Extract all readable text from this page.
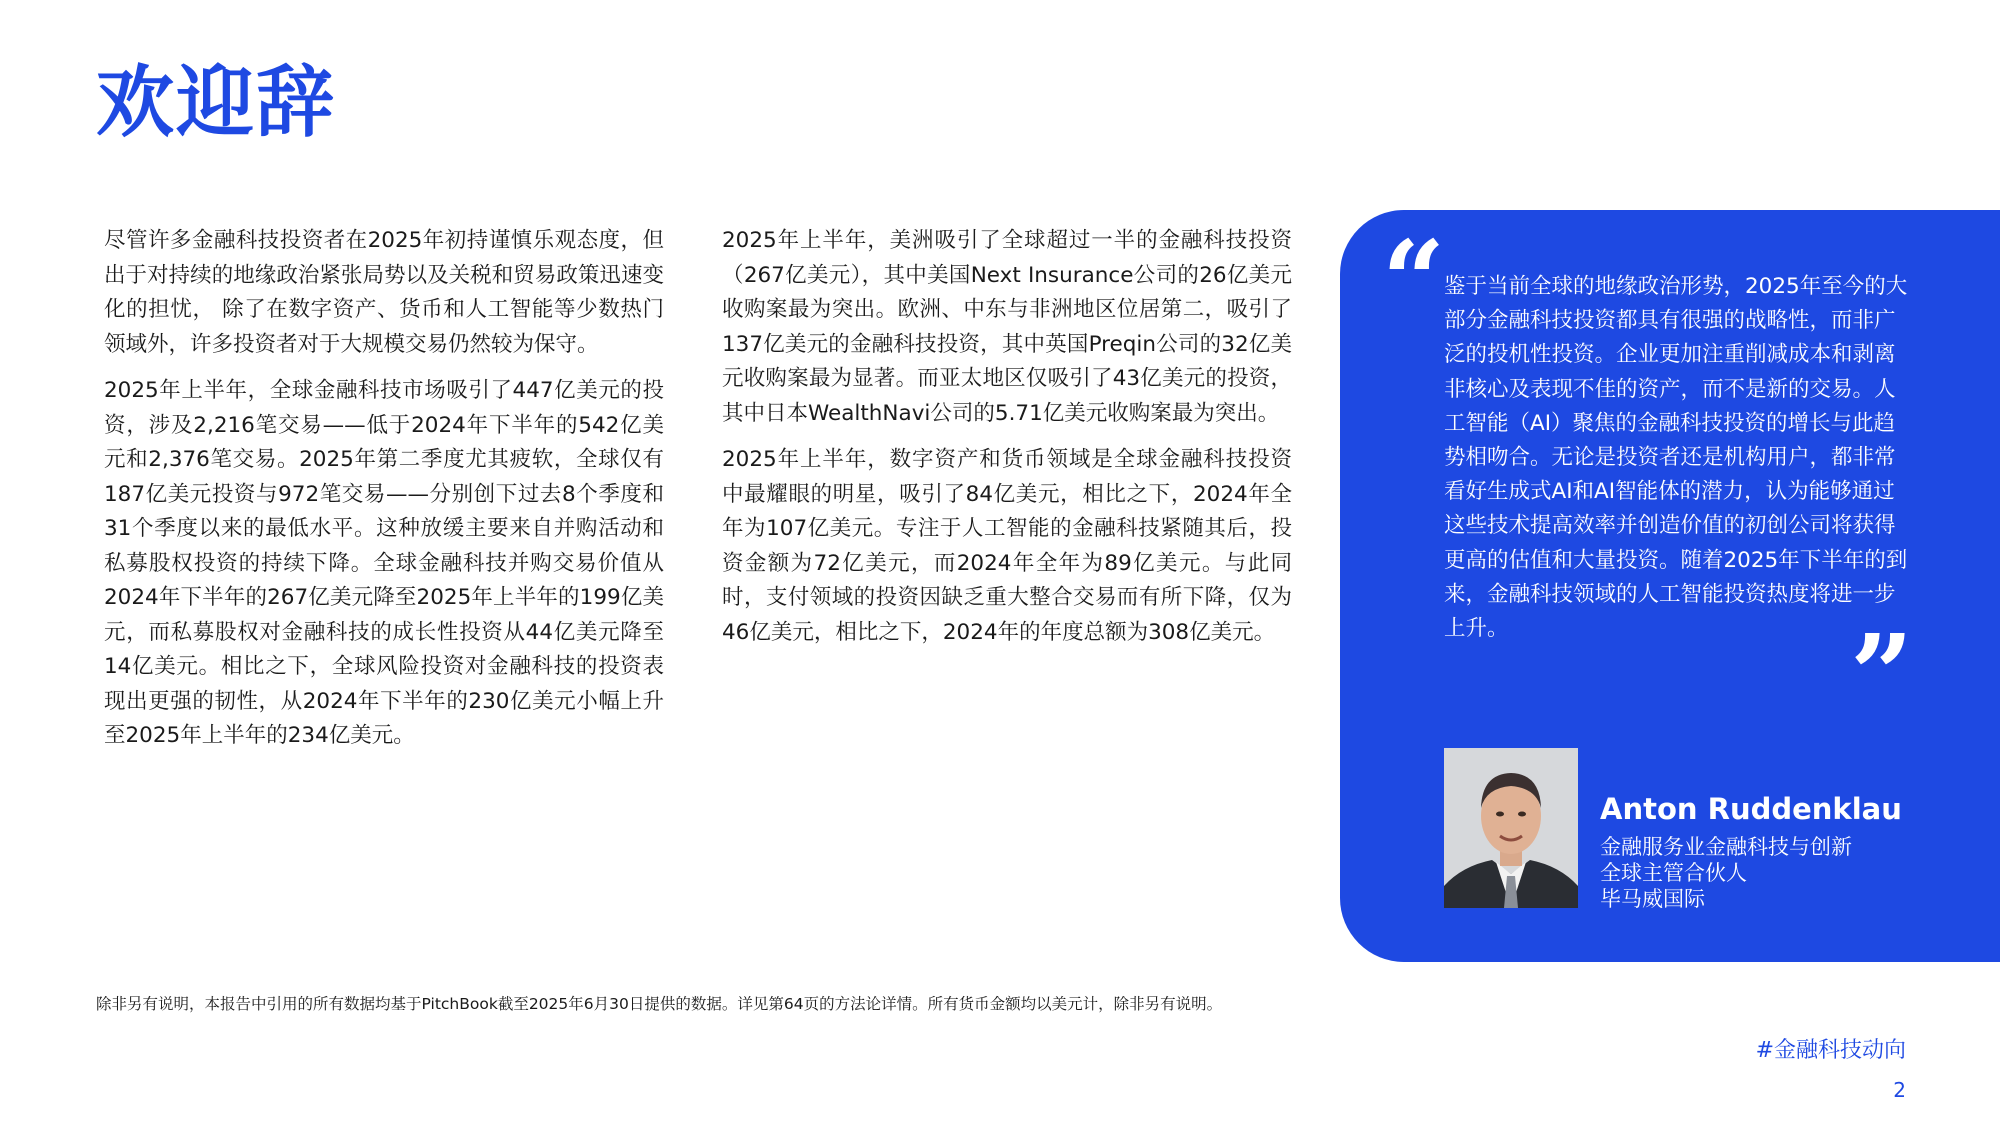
欢迎辞

尽管许多金融科技投资者在2025年初持谨慎乐观态度，但出于对持续的地缘政治紧张局势以及关税和贸易政策迅速变化的担忧， 除了在数字资产、货币和人工智能等少数热门领域外，许多投资者对于大规模交易仍然较为保守。

2025年上半年，全球金融科技市场吸引了447亿美元的投资，涉及2,216笔交易——低于2024年下半年的542亿美元和2,376笔交易。2025年第二季度尤其疲软，全球仅有187亿美元投资与972笔交易——分别创下过去8个季度和31个季度以来的最低水平。这种放缓主要来自并购活动和私募股权投资的持续下降。全球金融科技并购交易价值从2024年下半年的267亿美元降至2025年上半年的199亿美元，而私募股权对金融科技的成长性投资从44亿美元降至14亿美元。相比之下，全球风险投资对金融科技的投资表现出更强的韧性，从2024年下半年的230亿美元小幅上升至2025年上半年的234亿美元。

2025年上半年，美洲吸引了全球超过一半的金融科技投资（267亿美元），其中美国Next Insurance公司的26亿美元收购案最为突出。欧洲、中东与非洲地区位居第二，吸引了137亿美元的金融科技投资，其中英国Preqin公司的32亿美元收购案最为显著。而亚太地区仅吸引了43亿美元的投资，其中日本WealthNavi公司的5.71亿美元收购案最为突出。

2025年上半年，数字资产和货币领域是全球金融科技投资中最耀眼的明星，吸引了84亿美元，相比之下，2024年全年为107亿美元。专注于人工智能的金融科技紧随其后，投资金额为72亿美元，而2024年全年为89亿美元。与此同时，支付领域的投资因缺乏重大整合交易而有所下降，仅为46亿美元，相比之下，2024年的年度总额为308亿美元。

“

鉴于当前全球的地缘政治形势，2025年至今的大部分金融科技投资都具有很强的战略性，而非广泛的投机性投资。企业更加注重削减成本和剥离非核心及表现不佳的资产，而不是新的交易。人工智能（AI）聚焦的金融科技投资的增长与此趋势相吻合。无论是投资者还是机构用户，都非常看好生成式AI和AI智能体的潜力，认为能够通过这些技术提高效率并创造价值的初创公司将获得更高的估值和大量投资。随着2025年下半年的到来，金融科技领域的人工智能投资热度将进一步上升。	”

Anton Ruddenklau

金融服务业金融科技与创新
全球主管合伙人
毕马威国际

除非另有说明，本报告中引用的所有数据均基于PitchBook截至2025年6月30日提供的数据。详见第64页的方法论详情。所有货币金额均以美元计，除非另有说明。

#金融科技动向

2
